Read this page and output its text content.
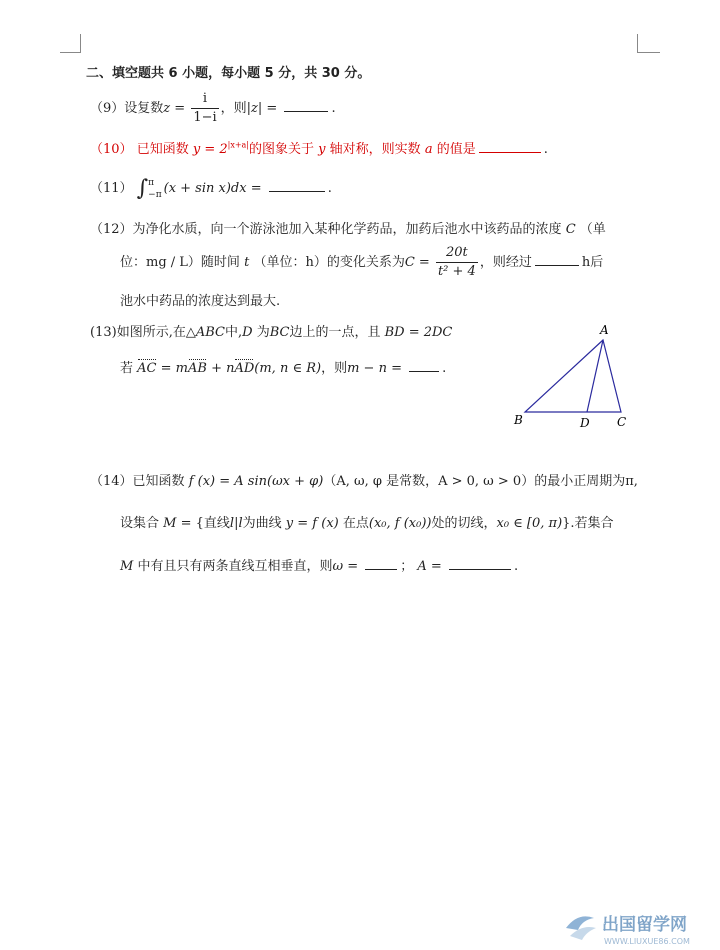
二、填空题共 6 小题，每小题 5 分，共 30 分。
（9）设复数$z = \frac{i}{1-i}$ ，则|z| =	.
（10） 已知函数 $y = 2^{|x+a|}$的图象关于 y 轴对称，则实数 a 的值是	.
（11） ∫ π
−π (x + sin x)dx =	.
（12）为净化水质，向一个游泳池加入某种化学药品，加药后池水中该药品的浓度 C （单
位：mg / L）随时间 t （单位：h）的变化关系为$C = \frac{20t}{\text{t² + 4}}$ ，则经过	h后
池水中药品的浓度达到最大.
(13)如图所示,在△ABC中,D 为BC边上的一点，且 BD = 2DC
若 AC = mAB + nAD(m, n ∈ R)，则m − n =	.
A
B	D C
（14）已知函数 f (x) = A sin(ωx + φ)（A, ω, φ 是常数，A > 0, ω > 0）的最小正周期为π,
设集合 M = {直线l|l为曲线 y = f (x) 在点(x₀, f (x₀))处的切线，x₀ ∈ [0, π)}.若集合
M 中有且只有两条直线互相垂直，则ω =	； A =	.
出国留学网
WWW.LIUXUE86.COM
